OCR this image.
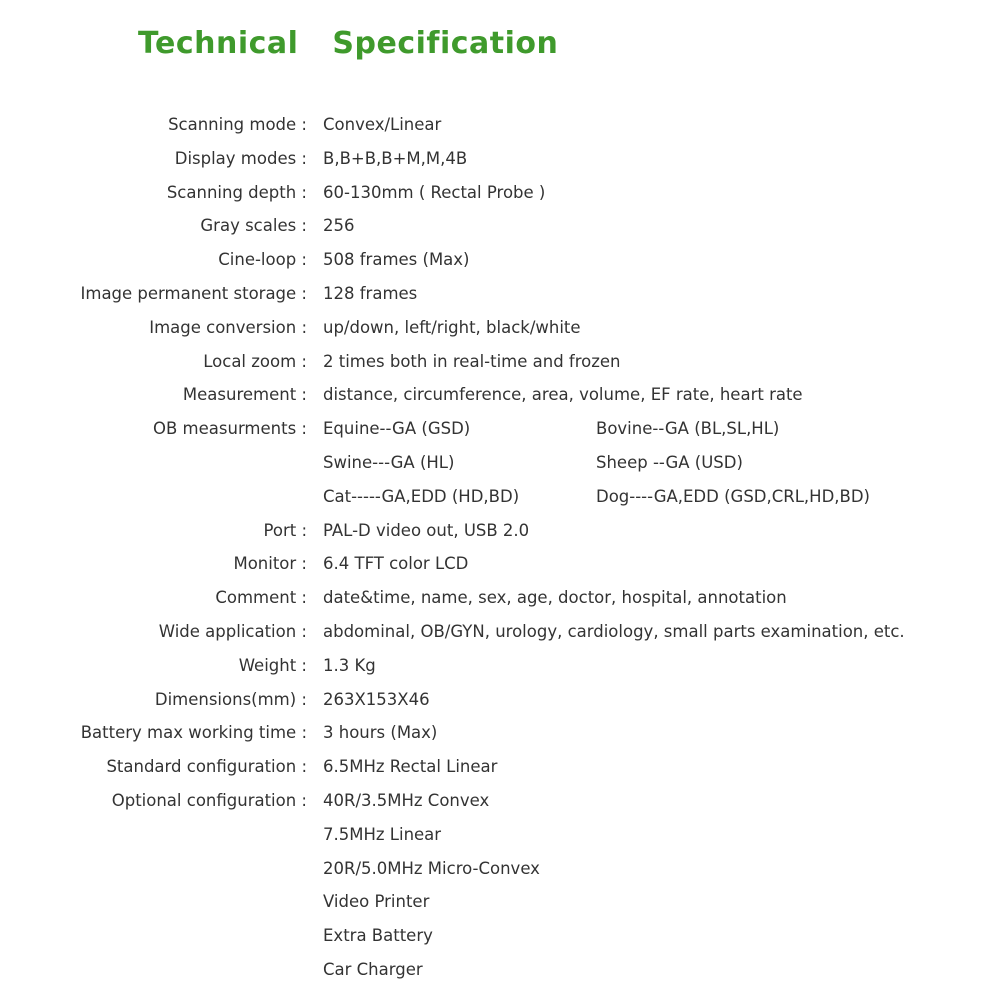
Technical Specification
Scanning mode : Convex/Linear
Display modes : B,B+B,B+M,M,4B
Scanning depth : 60-130mm ( Rectal Probe )
Gray scales : 256
Cine-loop : 508 frames (Max)
Image permanent storage : 128 frames
Image conversion : up/down, left/right, black/white
Local zoom : 2 times both in real-time and frozen
Measurement : distance, circumference, area, volume, EF rate, heart rate
OB measurments : Equine--GA (GSD)	Bovine--GA (BL,SL,HL)
Swine---GA (HL)	Sheep --GA (USD)
Cat-----GA,EDD (HD,BD)	Dog----GA,EDD (GSD,CRL,HD,BD)
Port : PAL-D video out, USB 2.0
Monitor : 6.4 TFT color LCD
Comment : date&time, name, sex, age, doctor, hospital, annotation
Wide application : abdominal, OB/GYN, urology, cardiology, small parts examination, etc.
Weight : 1.3 Kg
Dimensions(mm) : 263X153X46
Battery max working time : 3 hours (Max)
Standard configuration : 6.5MHz Rectal Linear
Optional configuration : 40R/3.5MHz Convex
7.5MHz Linear
20R/5.0MHz Micro-Convex
Video Printer
Extra Battery
Car Charger
